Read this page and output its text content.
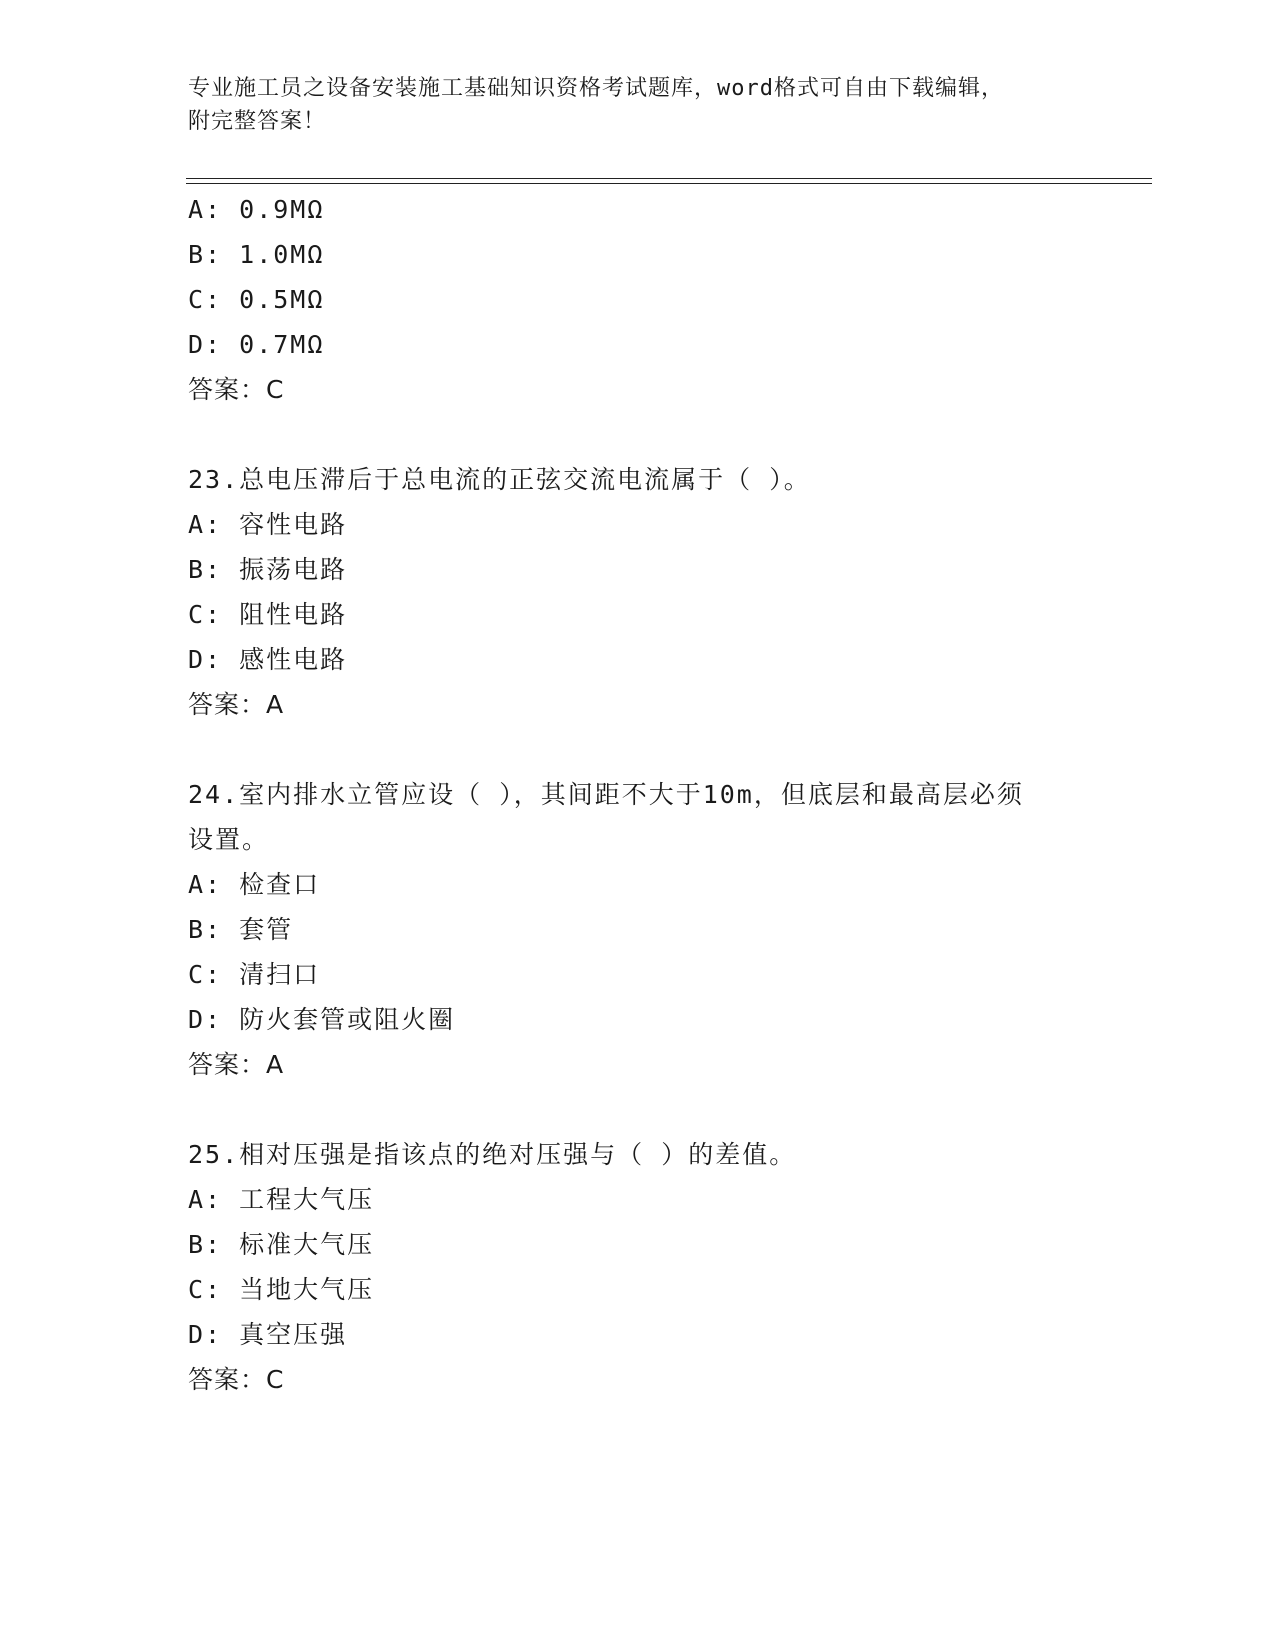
专业施工员之设备安装施工基础知识资格考试题库，word格式可自由下载编辑，
附完整答案！
A: 0.9MΩ
B: 1.0MΩ
C: 0.5MΩ
D: 0.7MΩ
答案：C
23.总电压滞后于总电流的正弦交流电流属于（ ）。
A: 容性电路
B: 振荡电路
C: 阻性电路
D: 感性电路
答案：A
24.室内排水立管应设（ ），其间距不大于10m，但底层和最高层必须
设置。
A: 检查口
B: 套管
C: 清扫口
D: 防火套管或阻火圈
答案：A
25.相对压强是指该点的绝对压强与（ ）的差值。
A: 工程大气压
B: 标准大气压
C: 当地大气压
D: 真空压强
答案：C
